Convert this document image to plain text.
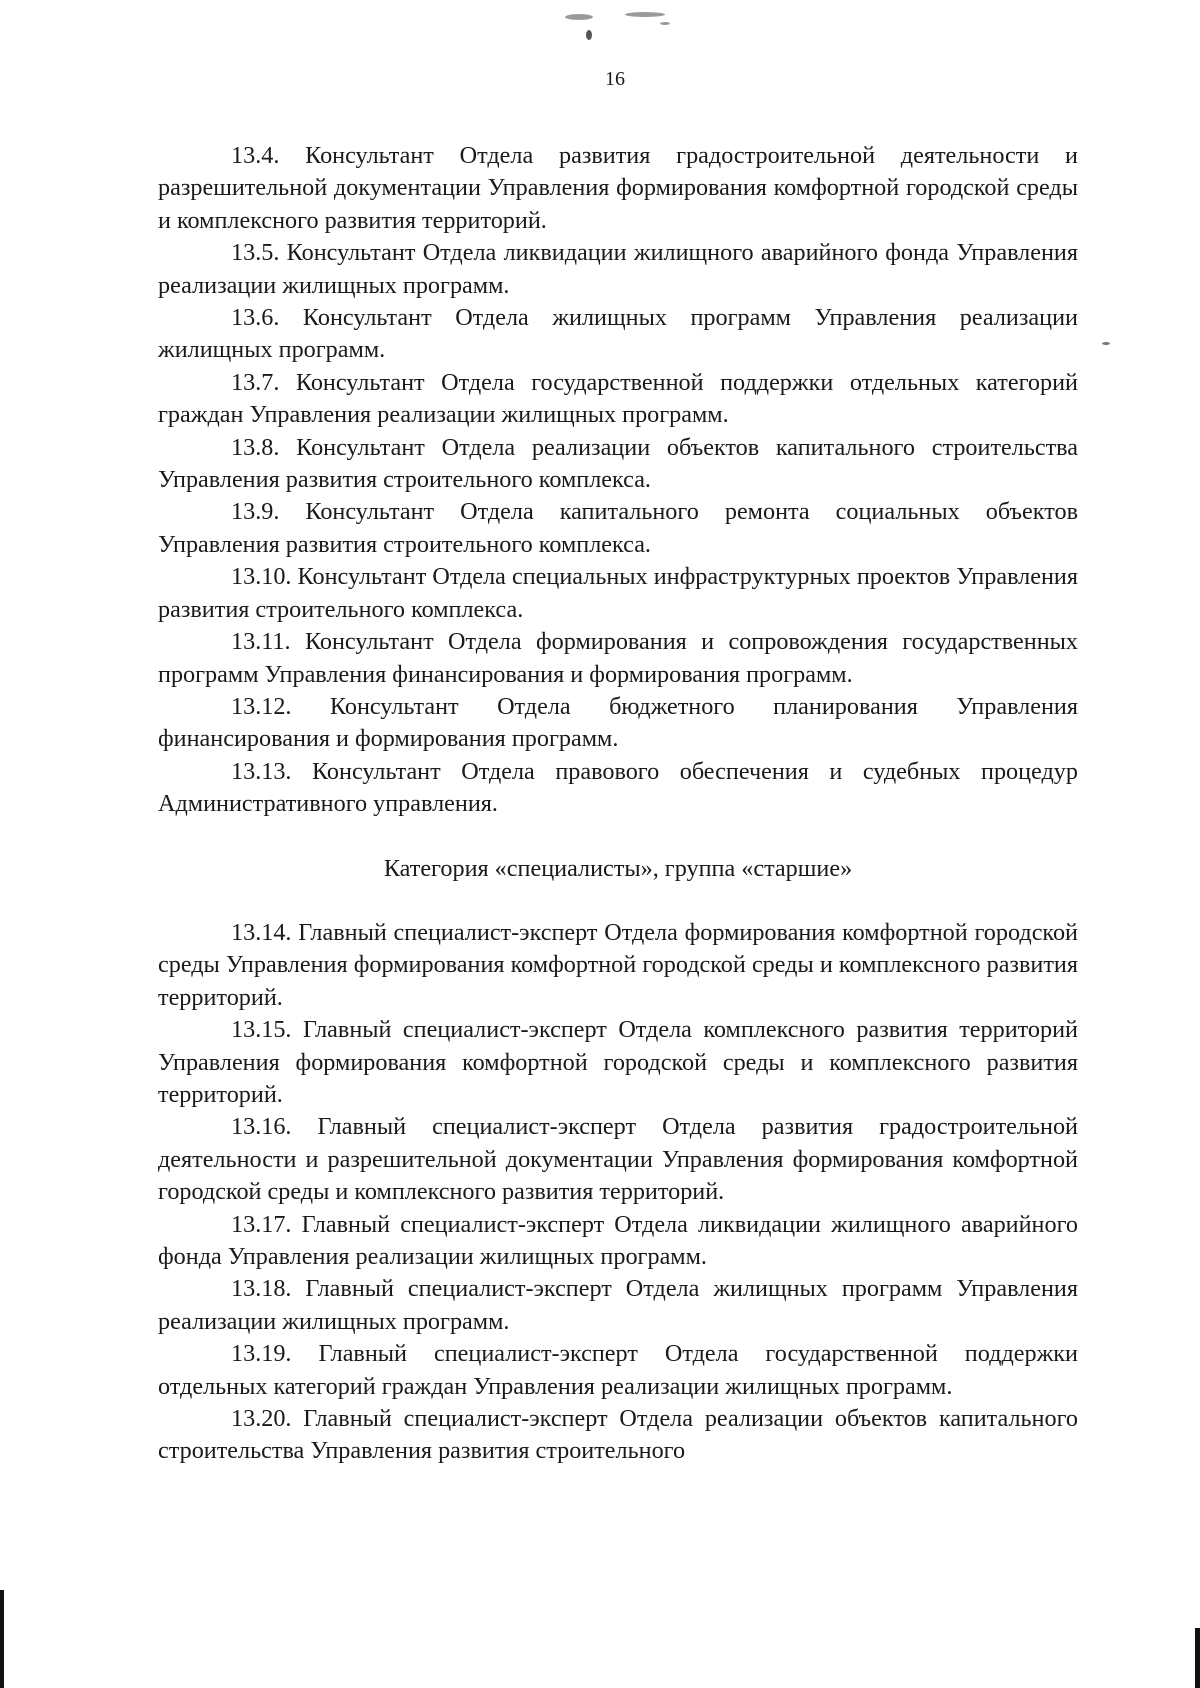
16

13.4. Консультант Отдела развития градостроительной деятельности и разрешительной документации Управления формирования комфортной городской среды и комплексного развития территорий.

13.5. Консультант Отдела ликвидации жилищного аварийного фонда Управления реализации жилищных программ.

13.6. Консультант Отдела жилищных программ Управления реализации жилищных программ.

13.7. Консультант Отдела государственной поддержки отдельных категорий граждан Управления реализации жилищных программ.

13.8. Консультант Отдела реализации объектов капитального строительства Управления развития строительного комплекса.

13.9. Консультант Отдела капитального ремонта социальных объектов Управления развития строительного комплекса.

13.10. Консультант Отдела специальных инфраструктурных проектов Управления развития строительного комплекса.

13.11. Консультант Отдела формирования и сопровождения государственных программ Управления финансирования и формирования программ.

13.12. Консультант Отдела бюджетного планирования Управления финансирования и формирования программ.

13.13. Консультант Отдела правового обеспечения и судебных процедур Административного управления.

Категория «специалисты», группа «старшие»

13.14. Главный специалист-эксперт Отдела формирования комфортной городской среды Управления формирования комфортной городской среды и комплексного развития территорий.

13.15. Главный специалист-эксперт Отдела комплексного развития территорий Управления формирования комфортной городской среды и комплексного развития территорий.

13.16. Главный специалист-эксперт Отдела развития градостроительной деятельности и разрешительной документации Управления формирования комфортной городской среды и комплексного развития территорий.

13.17. Главный специалист-эксперт Отдела ликвидации жилищного аварийного фонда Управления реализации жилищных программ.

13.18. Главный специалист-эксперт Отдела жилищных программ Управления реализации жилищных программ.

13.19. Главный специалист-эксперт Отдела государственной поддержки отдельных категорий граждан Управления реализации жилищных программ.

13.20. Главный специалист-эксперт Отдела реализации объектов капитального строительства Управления развития строительного
